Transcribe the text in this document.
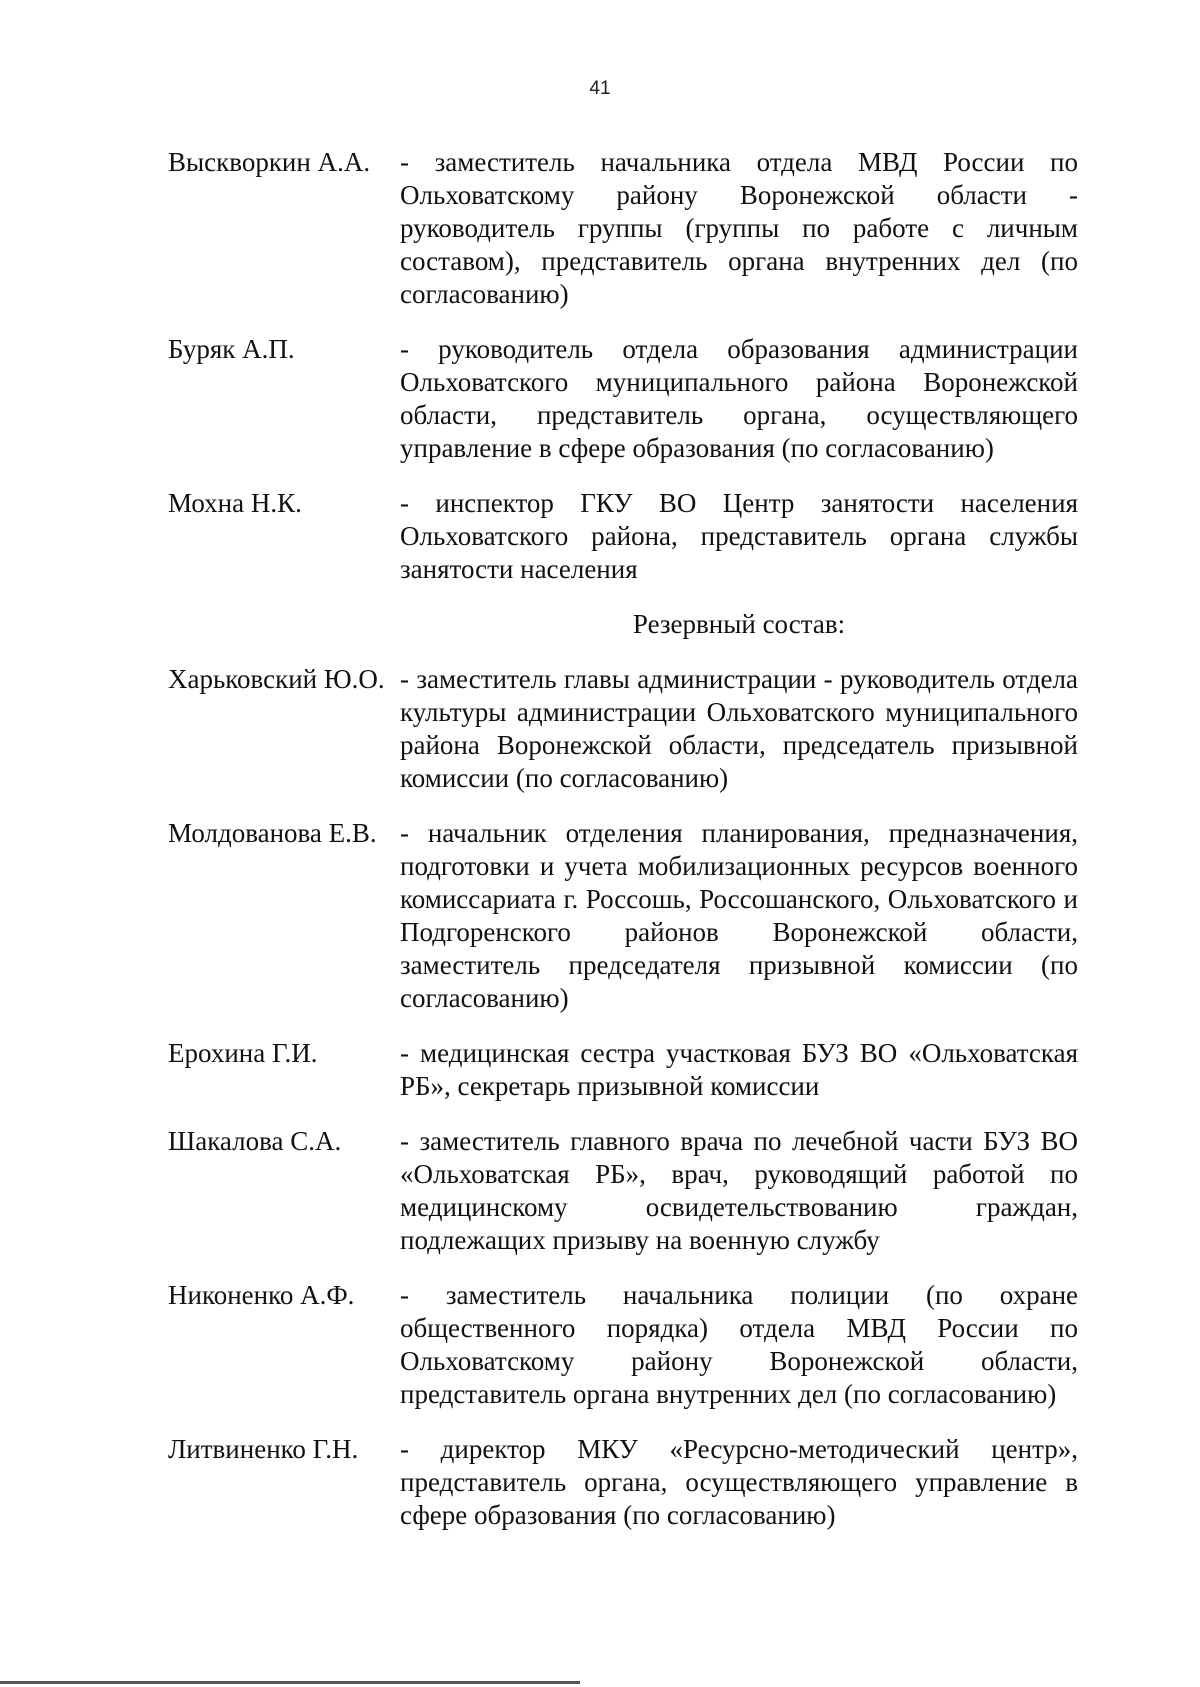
41
Выскворкин А.А.	- заместитель начальника отдела МВД России по Ольховатскому району Воронежской области - руководитель группы (группы по работе с личным составом), представитель органа внутренних дел (по согласованию)
Буряк А.П.	- руководитель отдела образования администрации Ольховатского муниципального района Воронежской области, представитель органа, осуществляющего управление в сфере образования (по согласованию)
Мохна Н.К.	- инспектор ГКУ ВО Центр занятости населения Ольховатского района, представитель органа службы занятости населения
Резервный состав:
Харьковский Ю.О. - заместитель главы администрации - руководитель отдела культуры администрации Ольховатского муниципального района Воронежской области, председатель призывной комиссии (по согласованию)
Молдованова Е.В. - начальник отделения планирования, предназначения, подготовки и учета мобилизационных ресурсов военного комиссариата г. Россошь, Россошанского, Ольховатского и Подгоренского районов Воронежской области, заместитель председателя призывной комиссии (по согласованию)
Ерохина Г.И.	- медицинская сестра участковая БУЗ ВО «Ольховатская РБ», секретарь призывной комиссии
Шакалова С.А.	- заместитель главного врача по лечебной части БУЗ ВО «Ольховатская РБ», врач, руководящий работой по медицинскому освидетельствованию граждан, подлежащих призыву на военную службу
Никоненко А.Ф.	- заместитель начальника полиции (по охране общественного порядка) отдела МВД России по Ольховатскому району Воронежской области, представитель органа внутренних дел (по согласованию)
Литвиненко Г.Н.	- директор МКУ «Ресурсно-методический центр», представитель органа, осуществляющего управление в сфере образования (по согласованию)
